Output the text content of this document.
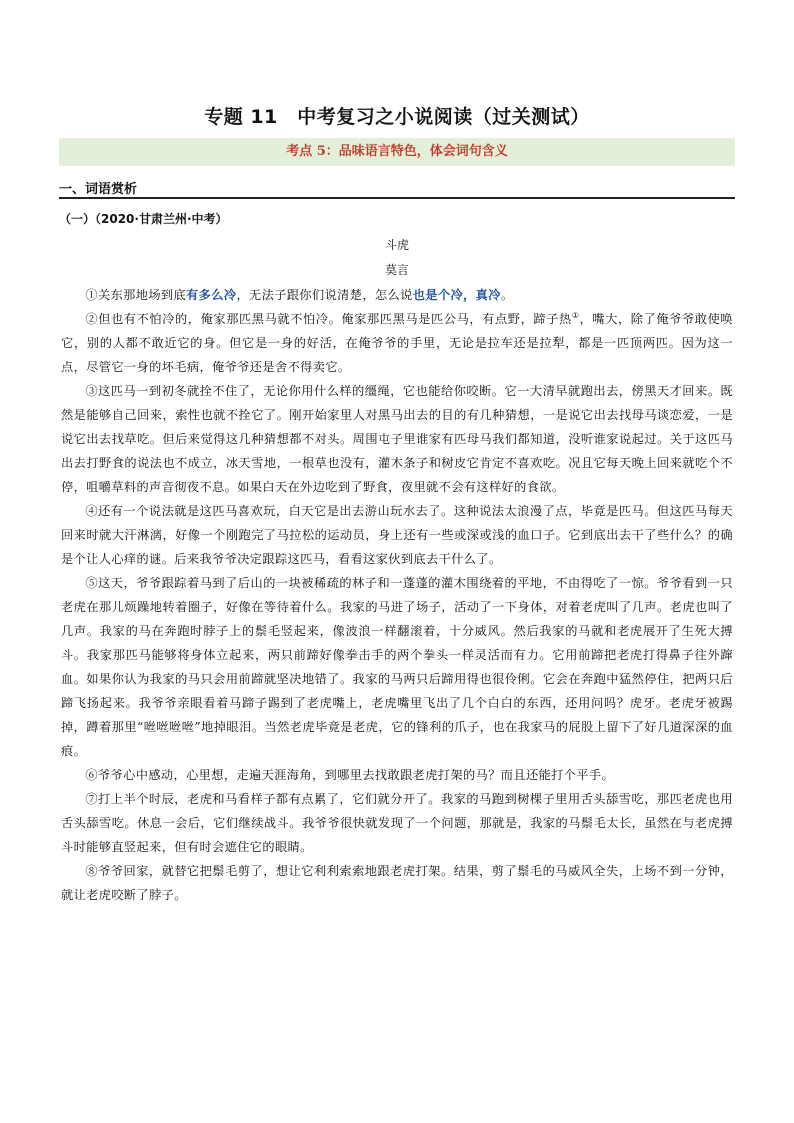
专题 11　中考复习之小说阅读（过关测试）
考点 5：品味语言特色，体会词句含义
一、词语赏析
（一）（2020·甘肃兰州·中考）
斗虎
莫言

①关东那地场到底有多么冷，无法子跟你们说清楚，怎么说也是个冷，真冷。

②但也有不怕冷的，俺家那匹黑马就不怕冷。俺家那匹黑马是匹公马，有点野，蹄子热①，嘴大，除了俺爷爷敢使唤它，别的人都不敢近它的身。但它是一身的好活，在俺爷爷的手里，无论是拉车还是拉犁，都是一匹顶两匹。因为这一点，尽管它一身的坏毛病，俺爷爷还是舍不得卖它。

③这匹马一到初冬就拴不住了，无论你用什么样的缰绳，它也能给你咬断。它一大清早就跑出去，傍黑天才回来。既然是能够自己回来，索性也就不拴它了。刚开始家里人对黑马出去的目的有几种猜想，一是说它出去找母马谈恋爱，一是说它出去找草吃。但后来觉得这几种猜想都不对头。周围屯子里谁家有匹母马我们都知道，没听谁家说起过。关于这匹马出去打野食的说法也不成立，冰天雪地，一根草也没有，灌木条子和树皮它肯定不喜欢吃。况且它每天晚上回来就吃个不停，咀嚼草料的声音彻夜不息。如果白天在外边吃到了野食，夜里就不会有这样好的食欲。

④还有一个说法就是这匹马喜欢玩，白天它是出去游山玩水去了。这种说法太浪漫了点，毕竟是匹马。但这匹马每天回来时就大汗淋漓，好像一个刚跑完了马拉松的运动员，身上还有一些或深或浅的血口子。它到底出去干了些什么？的确是个让人心痒的谜。后来我爷爷决定跟踪这匹马，看看这家伙到底去干什么了。

⑤这天，爷爷跟踪着马到了后山的一块被稀疏的林子和一蓬蓬的灌木围绕着的平地，不由得吃了一惊。爷爷看到一只老虎在那儿烦躁地转着圈子，好像在等待着什么。我家的马进了场子，活动了一下身体，对着老虎叫了几声。老虎也叫了几声。我家的马在奔跑时脖子上的鬃毛竖起来，像波浪一样翻滚着，十分威风。然后我家的马就和老虎展开了生死大搏斗。我家那匹马能够将身体立起来，两只前蹄好像拳击手的两个拳头一样灵活而有力。它用前蹄把老虎打得鼻子往外蹿血。如果你认为我家的马只会用前蹄就坚决地错了。我家的马两只后蹄用得也很伶俐。它会在奔跑中猛然停住，把两只后蹄飞扬起来。我爷爷亲眼看着马蹄子踢到了老虎嘴上，老虎嘴里飞出了几个白白的东西，还用问吗？虎牙。老虎牙被踢掉，蹲着那里“咝咝咝咝”地掉眼泪。当然老虎毕竟是老虎，它的锋利的爪子，也在我家马的屁股上留下了好几道深深的血痕。

⑥爷爷心中感动，心里想，走遍天涯海角，到哪里去找敢跟老虎打架的马？而且还能打个平手。

⑦打上半个时辰，老虎和马看样子都有点累了，它们就分开了。我家的马跑到树棵子里用舌头舔雪吃，那匹老虎也用舌头舔雪吃。休息一会后，它们继续战斗。我爷爷很快就发现了一个问题，那就是，我家的马鬃毛太长，虽然在与老虎搏斗时能够直竖起来，但有时会遮住它的眼睛。

⑧爷爷回家，就替它把鬃毛剪了，想让它利利索索地跟老虎打架。结果，剪了鬃毛的马威风全失，上场不到一分钟，就让老虎咬断了脖子。
